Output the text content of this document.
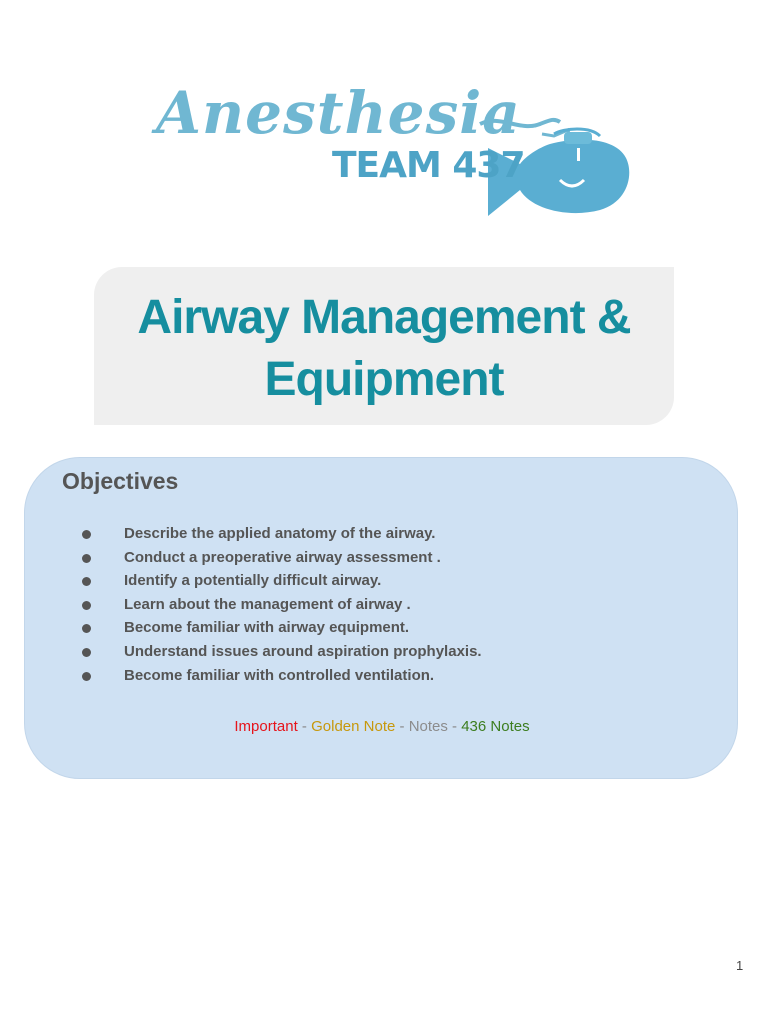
Anesthesia
TEAM 437
Airway Management &
Equipment
Objectives
Describe the applied anatomy of the airway.
Conduct a preoperative airway assessment .
Identify a potentially difficult airway.
Learn about the management of airway .
Become familiar with airway equipment.
Understand issues around aspiration prophylaxis.
Become familiar with controlled ventilation.
Important - Golden Note - Notes - 436 Notes
1
